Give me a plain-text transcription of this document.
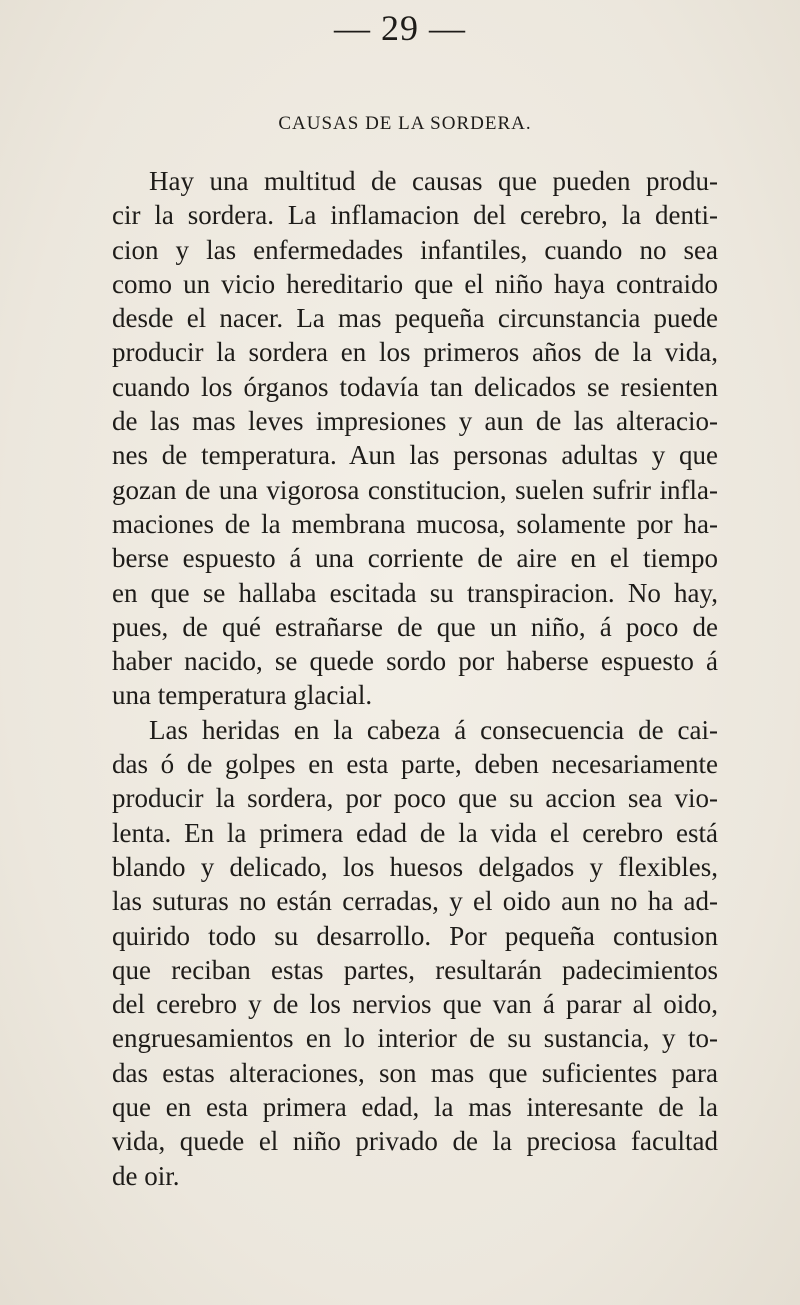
— 29 —
CAUSAS DE LA SORDERA.
Hay una multitud de causas que pueden produ-
cir la sordera. La inflamacion del cerebro, la denti-
cion y las enfermedades infantiles, cuando no sea
como un vicio hereditario que el niño haya contraido
desde el nacer. La mas pequeña circunstancia puede
producir la sordera en los primeros años de la vida,
cuando los órganos todavía tan delicados se resienten
de las mas leves impresiones y aun de las alteracio-
nes de temperatura. Aun las personas adultas y que
gozan de una vigorosa constitucion, suelen sufrir infla-
maciones de la membrana mucosa, solamente por ha-
berse espuesto á una corriente de aire en el tiempo
en que se hallaba escitada su transpiracion. No hay,
pues, de qué estrañarse de que un niño, á poco de
haber nacido, se quede sordo por haberse espuesto á
una temperatura glacial.
Las heridas en la cabeza á consecuencia de cai-
das ó de golpes en esta parte, deben necesariamente
producir la sordera, por poco que su accion sea vio-
lenta. En la primera edad de la vida el cerebro está
blando y delicado, los huesos delgados y flexibles,
las suturas no están cerradas, y el oido aun no ha ad-
quirido todo su desarrollo. Por pequeña contusion
que reciban estas partes, resultarán padecimientos
del cerebro y de los nervios que van á parar al oido,
engruesamientos en lo interior de su sustancia, y to-
das estas alteraciones, son mas que suficientes para
que en esta primera edad, la mas interesante de la
vida, quede el niño privado de la preciosa facultad
de oir.
